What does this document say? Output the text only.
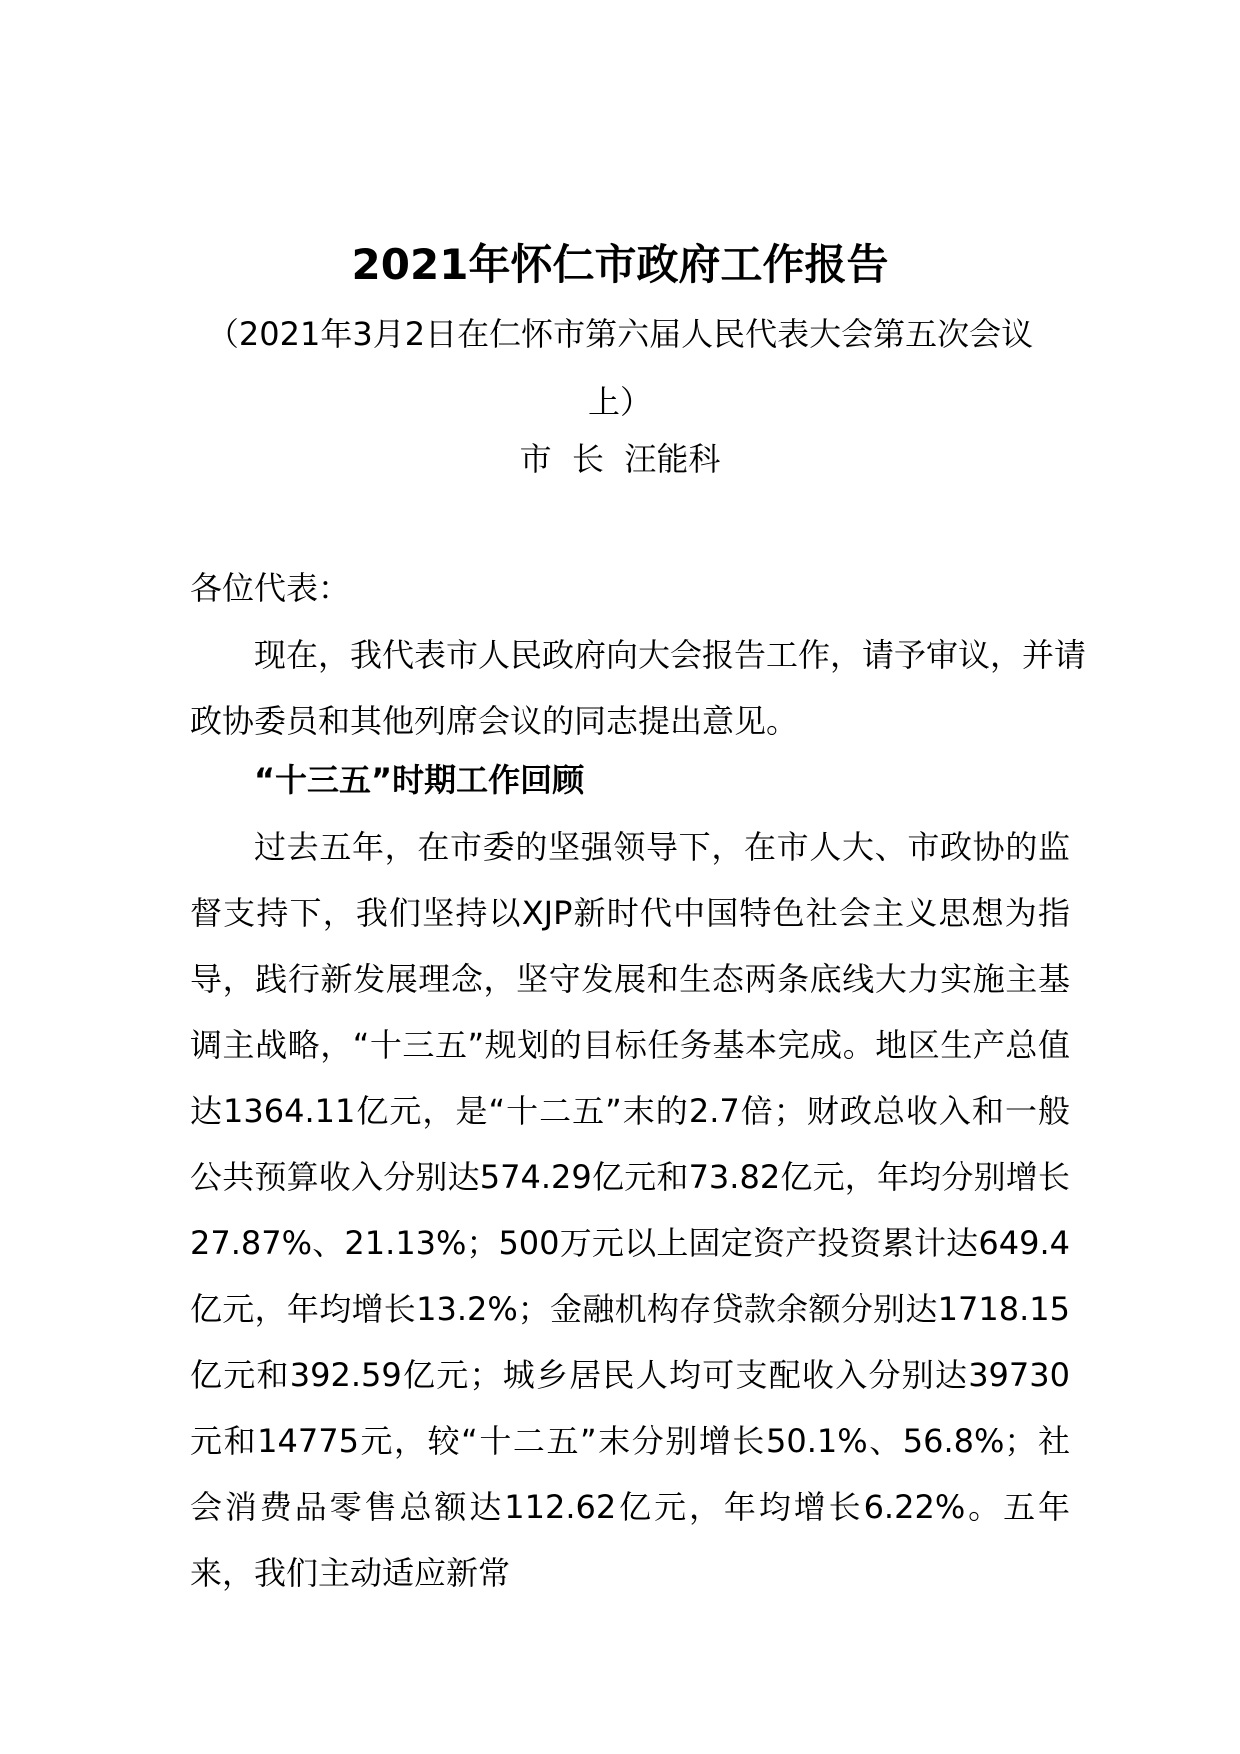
2021年怀仁市政府工作报告
（2021年3月2日在仁怀市第六届人民代表大会第五次会议上）
市  长  汪能科
各位代表：
现在，我代表市人民政府向大会报告工作，请予审议，并请政协委员和其他列席会议的同志提出意见。
“十三五”时期工作回顾
过去五年，在市委的坚强领导下，在市人大、市政协的监督支持下，我们坚持以XJP新时代中国特色社会主义思想为指导，践行新发展理念，坚守发展和生态两条底线大力实施主基调主战略，“十三五”规划的目标任务基本完成。地区生产总值达1364.11亿元，是“十二五”末的2.7倍；财政总收入和一般公共预算收入分别达574.29亿元和73.82亿元，年均分别增长27.87%、21.13%；500万元以上固定资产投资累计达649.4亿元，年均增长13.2%；金融机构存贷款余额分别达1718.15亿元和392.59亿元；城乡居民人均可支配收入分别达39730元和14775元，较“十二五”末分别增长50.1%、56.8%；社会消费品零售总额达112.62亿元，年均增长6.22%。五年来，我们主动适应新常
